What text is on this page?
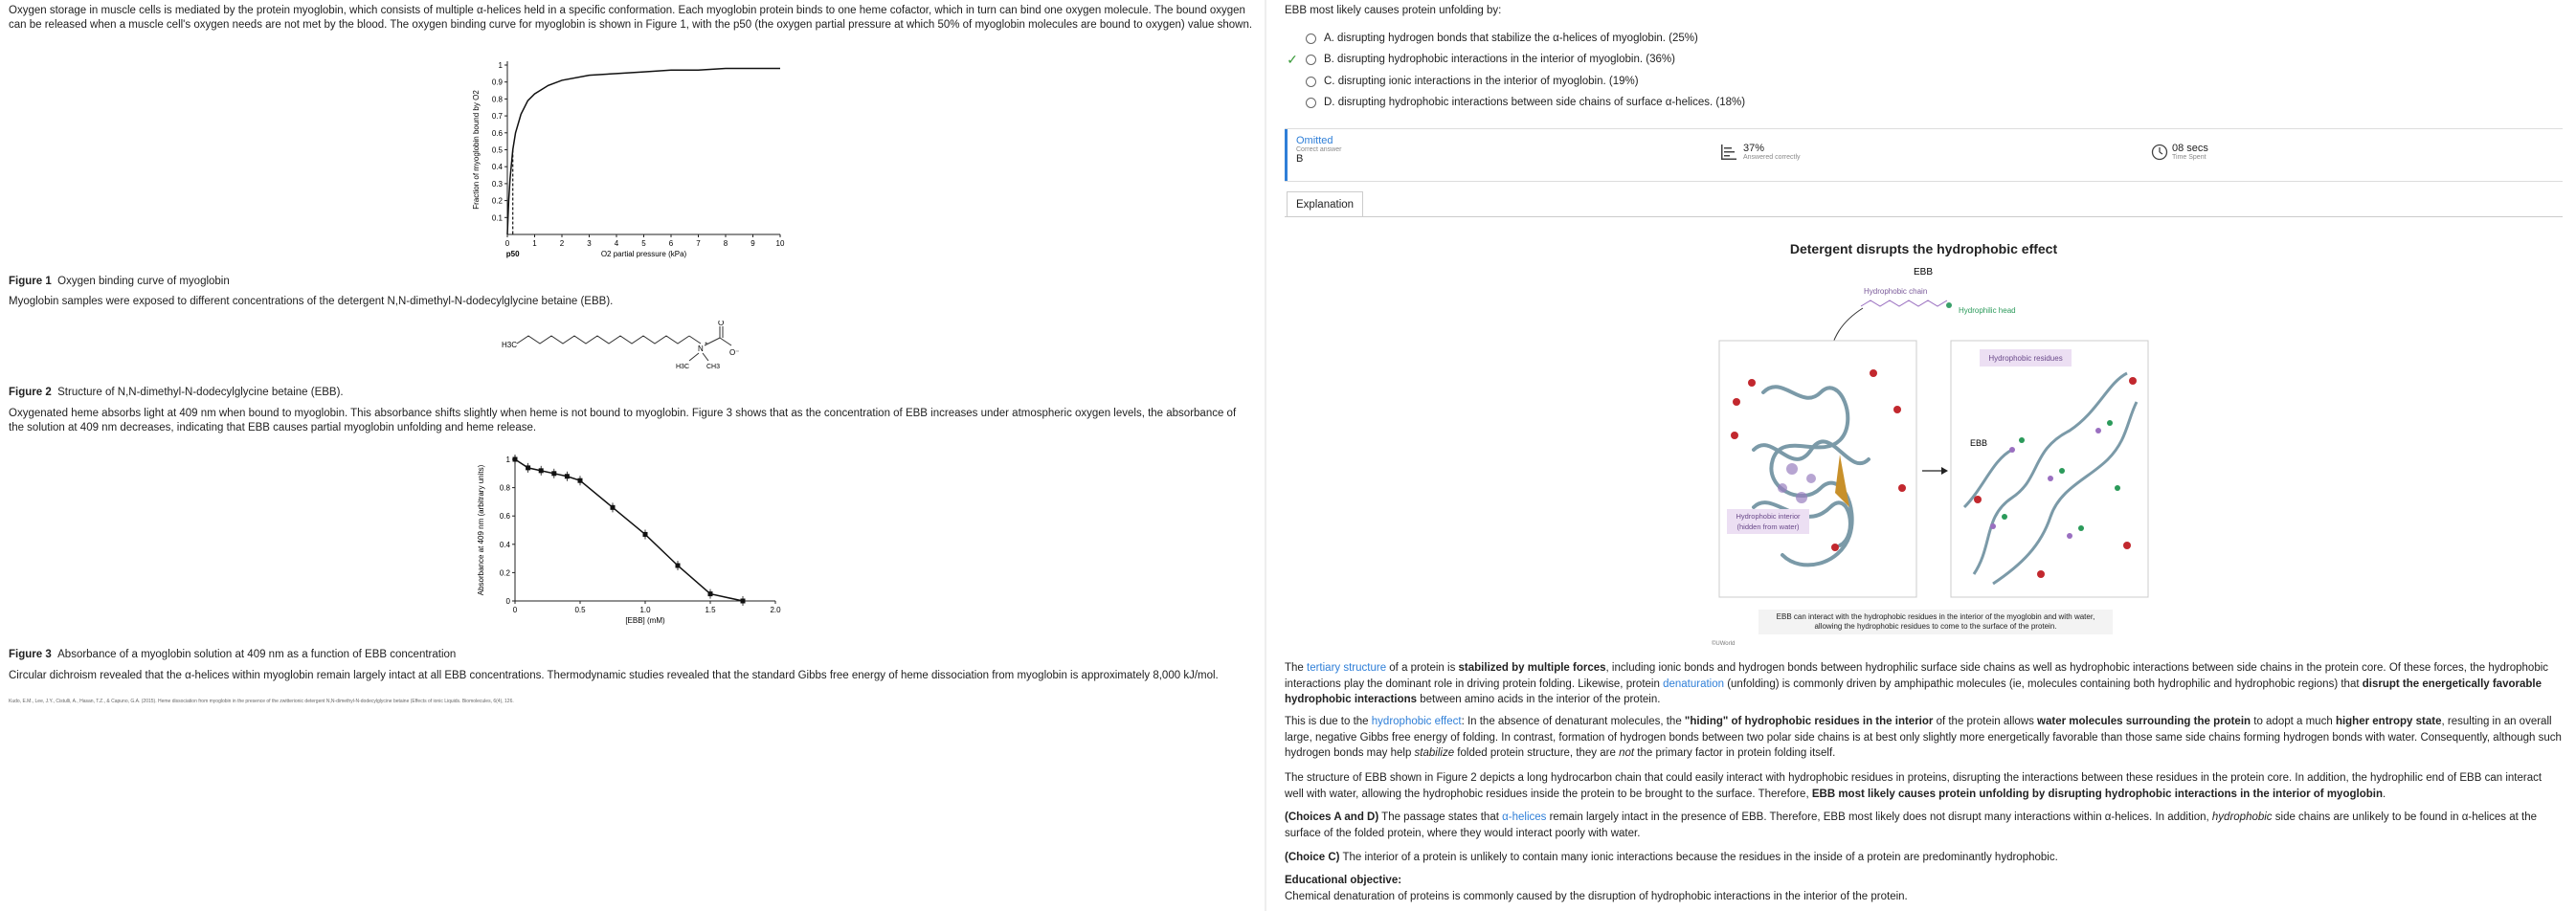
Oxygen storage in muscle cells is mediated by the protein myoglobin, which consists of multiple α-helices held in a specific conformation. Each myoglobin protein binds to one heme cofactor, which in turn can bind one oxygen molecule. The bound oxygen can be released when a muscle cell's oxygen needs are not met by the blood. The oxygen binding curve for myoglobin is shown in Figure 1, with the p50 (the oxygen partial pressure at which 50% of myoglobin molecules are bound to oxygen) value shown.

0	1	2	3	4	5	6	7	8	9	10
0.1
0.2
0.3
0.4
0.5
0.6
0.7
0.8
0.9
1
O2 partial pressure (kPa)
Fraction of myoglobin bound by O2
p50

Figure 1 Oxygen binding curve of myoglobin

Myoglobin samples were exposed to different concentrations of the detergent N,N-dimethyl-N-dodecylglycine betaine (EBB).

H3C	N
O
O⁻
H3C	CH3

Figure 2 Structure of N,N-dimethyl-N-dodecylglycine betaine (EBB).

Oxygenated heme absorbs light at 409 nm when bound to myoglobin. This absorbance shifts slightly when heme is not bound to myoglobin. Figure 3 shows that as the concentration of EBB increases under atmospheric oxygen levels, the absorbance of the solution at 409 nm decreases, indicating that EBB causes partial myoglobin unfolding and heme release.

0	0.5	1.0	1.5	2.0
0
0.2
0.4
0.6
0.8
1
[EBB] (mM)
Absorbance at 409 nm (arbitrary units)

Figure 3 Absorbance of a myoglobin solution at 409 nm as a function of EBB concentration

Circular dichroism revealed that the α-helices within myoglobin remain largely intact at all EBB concentrations. Thermodynamic studies revealed that the standard Gibbs free energy of heme dissociation from myoglobin is approximately 8,000 kJ/mol.

Kudo, E.M., Lee, J.Y., Cistulli, A., Hasan, T.Z., & Capuno, G.A. (2015). Heme dissociation from myoglobin in the presence of the zwitterionic detergent N,N-dimethyl-N-dodecylglycine betaine (Effects of ionic Liquids. Biomolecules, 6(4), 126.

EBB most likely causes protein unfolding by:

A. disrupting hydrogen bonds that stabilize the α-helices of myoglobin. (25%)
✓ B. disrupting hydrophobic interactions in the interior of myoglobin. (36%)
C. disrupting ionic interactions in the interior of myoglobin. (19%)
D. disrupting hydrophobic interactions between side chains of surface α-helices. (18%)
Omitted
Correct answer
B
37%
Answered correctly
08 secs
Time Spent
Explanation
Detergent disrupts the hydrophobic effect
EBB
Hydrophobic chain
Hydrophilic head
Hydrophobic interior
(hidden from water)
Hydrophobic residues
EBB
EBB can interact with the hydrophobic residues in the interior of the myoglobin and with water, allowing the hydrophobic residues to come to the surface of the protein.
©UWorld

The tertiary structure of a protein is stabilized by multiple forces, including ionic bonds and hydrogen bonds between hydrophilic surface side chains as well as hydrophobic interactions between side chains in the protein core. Of these forces, the hydrophobic interactions play the dominant role in driving protein folding. Likewise, protein denaturation (unfolding) is commonly driven by amphipathic molecules (ie, molecules containing both hydrophilic and hydrophobic regions) that disrupt the energetically favorable hydrophobic interactions between amino acids in the interior of the protein.

This is due to the hydrophobic effect: In the absence of denaturant molecules, the "hiding" of hydrophobic residues in the interior of the protein allows water molecules surrounding the protein to adopt a much higher entropy state, resulting in an overall large, negative Gibbs free energy of folding. In contrast, formation of hydrogen bonds between two polar side chains is at best only slightly more energetically favorable than those same side chains forming hydrogen bonds with water. Consequently, although such hydrogen bonds may help stabilize folded protein structure, they are not the primary factor in protein folding itself.

The structure of EBB shown in Figure 2 depicts a long hydrocarbon chain that could easily interact with hydrophobic residues in proteins, disrupting the interactions between these residues in the protein core. In addition, the hydrophilic end of EBB can interact well with water, allowing the hydrophobic residues inside the protein to be brought to the surface. Therefore, EBB most likely causes protein unfolding by disrupting hydrophobic interactions in the interior of myoglobin.

(Choices A and D) The passage states that α-helices remain largely intact in the presence of EBB. Therefore, EBB most likely does not disrupt many interactions within α-helices. In addition, hydrophobic side chains are unlikely to be found in α-helices at the surface of the folded protein, where they would interact poorly with water.

(Choice C) The interior of a protein is unlikely to contain many ionic interactions because the residues in the inside of a protein are predominantly hydrophobic.

Educational objective:

Chemical denaturation of proteins is commonly caused by the disruption of hydrophobic interactions in the interior of the protein.
